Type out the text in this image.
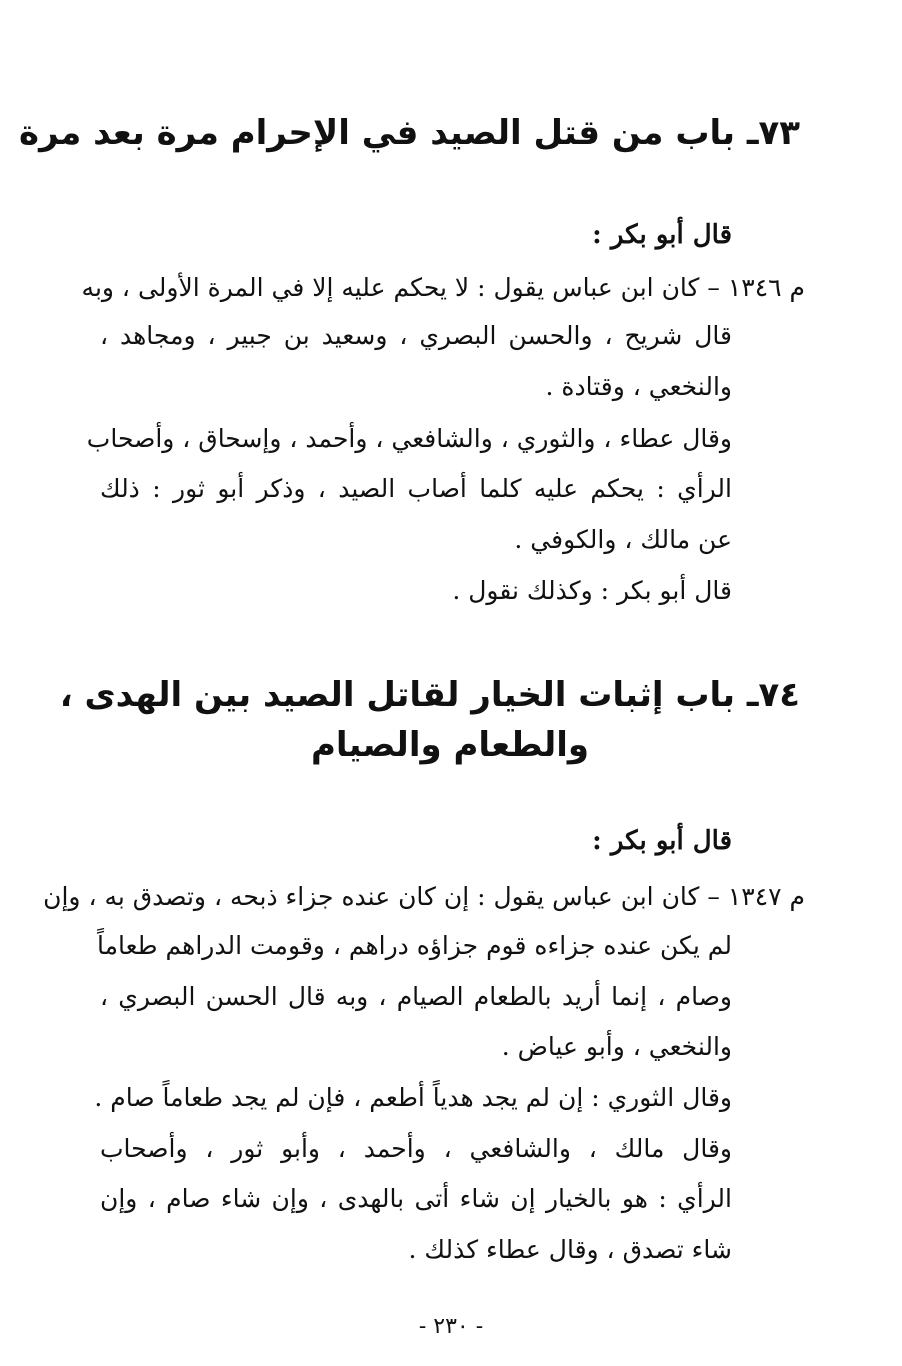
٧٣ـ باب من قتل الصيد في الإحرام مرة بعد مرة
قال أبو بكر :
م ١٣٤٦ – كان ابن عباس يقول : لا يحكم عليه إلا في المرة الأولى ، وبه
قال شريح ، والحسن البصري ، وسعيد بن جبير ، ومجاهد ،
والنخعي ، وقتادة .
وقال عطاء ، والثوري ، والشافعي ، وأحمد ، وإسحاق ، وأصحاب
الرأي : يحكم عليه كلما أصاب الصيد ، وذكر أبو ثور : ذلك
عن مالك ، والكوفي .
قال أبو بكر : وكذلك نقول .
٧٤ـ باب إثبات الخيار لقاتل الصيد بين الهدى ،
والطعام والصيام
قال أبو بكر :
م ١٣٤٧ – كان ابن عباس يقول : إن كان عنده جزاء ذبحه ، وتصدق به ، وإن
لم يكن عنده جزاءه قوم جزاؤه دراهم ، وقومت الدراهم طعاماً
وصام ، إنما أريد بالطعام الصيام ، وبه قال الحسن البصري ،
والنخعي ، وأبو عياض .
وقال الثوري : إن لم يجد هدياً أطعم ، فإن لم يجد طعاماً صام .
وقال مالك ، والشافعي ، وأحمد ، وأبو ثور ، وأصحاب
الرأي : هو بالخيار إن شاء أتى بالهدى ، وإن شاء صام ، وإن
شاء تصدق ، وقال عطاء كذلك .
- ٢٣٠ -
